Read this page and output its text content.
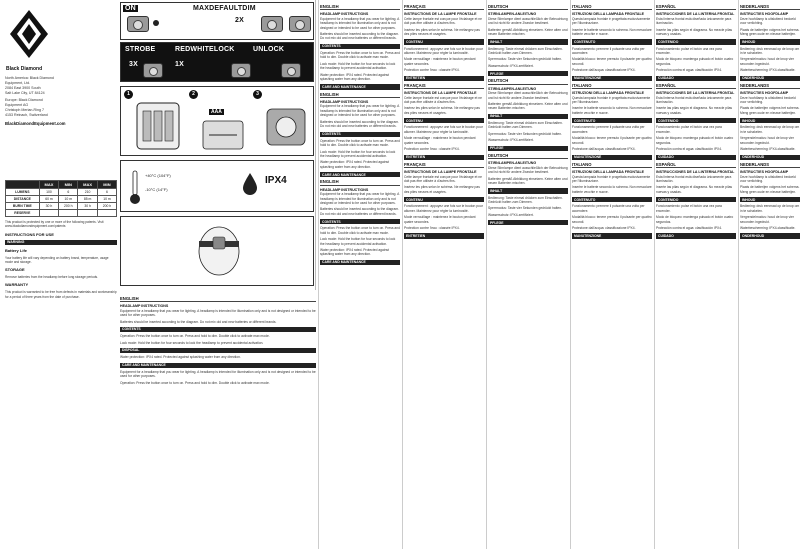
Black Diamond
North America: Black Diamond Equipment, Ltd.
2084 East 3900 South
Salt Lake City, UT 84124
Europe: Black Diamond Equipment AG
Christoph Merian-Ring 7
4153 Reinach, Switzerland
BlackDiamondEquipment.com
	MAX	MIN	MAX	MIN
LUMENS	100	6	210	6
DISTANCE	60 m	10 m	85 m	10 m
BURN TIME	30 h	200 h	30 h	200 h
RESERVE				
This product is protected by one or more of the following patents. Visit www.blackdiamondequipment.com/patents
INSTRUCTIONS FOR USE
WARNING
Battery Life
Your battery life will vary depending on battery brand, temperature, usage mode and storage.
STORAGE
Remove batteries from the headlamp before long storage periods.
WARRANTY
This product is warranted to be free from defects in materials and workmanship for a period of three years from the date of purchase.
ON	MAXDEFAULTDIM
2X
STROBE	REDWHITELOCK	UNLOCK
3X	1X
1	2	3
AAA
+40°C (104°F)
-10°C (14°F)
IPX4
ENGLISH
HEADLAMP INSTRUCTIONS

Equipment for a headlamp that you wear for lighting. A headlamp is intended for illumination only and is not designed or intended to be used for other purposes.

Batteries should be inserted according to the diagram. Do not mix old and new batteries or different brands.

CONTENTS

Operation: Press the button once to turn on. Press and hold to dim. Double click to activate max mode.

Lock mode: Hold the button for four seconds to lock the headlamp to prevent accidental activation.

Water protection: IPX4 rated. Protected against splashing water from any direction.

CARE AND MAINTENANCE
ENGLISH
HEADLAMP INSTRUCTIONS

Equipment for a headlamp that you wear for lighting. A headlamp is intended for illumination only and is not designed or intended to be used for other purposes.

Batteries should be inserted according to the diagram. Do not mix old and new batteries or different brands.

CONTENTS

Operation: Press the button once to turn on. Press and hold to dim. Double click to activate max mode.

Lock mode: Hold the button for four seconds to lock the headlamp to prevent accidental activation.

Water protection: IPX4 rated. Protected against splashing water from any direction.

CARE AND MAINTENANCE
ENGLISH
HEADLAMP INSTRUCTIONS

Equipment for a headlamp that you wear for lighting. A headlamp is intended for illumination only and is not designed or intended to be used for other purposes.

Batteries should be inserted according to the diagram. Do not mix old and new batteries or different brands.

CONTENTS

Operation: Press the button once to turn on. Press and hold to dim. Double click to activate max mode.

Lock mode: Hold the button for four seconds to lock the headlamp to prevent accidental activation.

Water protection: IPX4 rated. Protected against splashing water from any direction.

CARE AND MAINTENANCE
FRANÇAIS
INSTRUCTIONS DE LA LAMPE FRONTALE

Cette lampe frontale est conçue pour l'éclairage et ne doit pas être utilisée à d'autres fins.

Insérez les piles selon le schéma. Ne mélangez pas des piles neuves et usagées.

CONTENU

Fonctionnement : appuyez une fois sur le bouton pour allumer. Maintenez pour régler la luminosité.

Mode verrouillage : maintenez le bouton pendant quatre secondes.

Protection contre l'eau : classée IPX4.

ENTRETIEN
FRANÇAIS
INSTRUCTIONS DE LA LAMPE FRONTALE

Cette lampe frontale est conçue pour l'éclairage et ne doit pas être utilisée à d'autres fins.

Insérez les piles selon le schéma. Ne mélangez pas des piles neuves et usagées.

CONTENU

Fonctionnement : appuyez une fois sur le bouton pour allumer. Maintenez pour régler la luminosité.

Mode verrouillage : maintenez le bouton pendant quatre secondes.

Protection contre l'eau : classée IPX4.

ENTRETIEN
FRANÇAIS
INSTRUCTIONS DE LA LAMPE FRONTALE

Cette lampe frontale est conçue pour l'éclairage et ne doit pas être utilisée à d'autres fins.

Insérez les piles selon le schéma. Ne mélangez pas des piles neuves et usagées.

CONTENU

Fonctionnement : appuyez une fois sur le bouton pour allumer. Maintenez pour régler la luminosité.

Mode verrouillage : maintenez le bouton pendant quatre secondes.

Protection contre l'eau : classée IPX4.

ENTRETIEN
DEUTSCH
STIRNLAMPEN-ANLEITUNG

Diese Stirnlampe dient ausschließlich der Beleuchtung und ist nicht für andere Zwecke bestimmt.

Batterien gemäß Abbildung einsetzen. Keine alten und neuen Batterien mischen.

INHALT

Bedienung: Taste einmal drücken zum Einschalten. Gedrückt halten zum Dimmen.

Sperrmodus: Taste vier Sekunden gedrückt halten.

Wasserschutz: IPX4-zertifiziert.

PFLEGE
DEUTSCH
STIRNLAMPEN-ANLEITUNG

Diese Stirnlampe dient ausschließlich der Beleuchtung und ist nicht für andere Zwecke bestimmt.

Batterien gemäß Abbildung einsetzen. Keine alten und neuen Batterien mischen.

INHALT

Bedienung: Taste einmal drücken zum Einschalten. Gedrückt halten zum Dimmen.

Sperrmodus: Taste vier Sekunden gedrückt halten.

Wasserschutz: IPX4-zertifiziert.

PFLEGE
DEUTSCH
STIRNLAMPEN-ANLEITUNG

Diese Stirnlampe dient ausschließlich der Beleuchtung und ist nicht für andere Zwecke bestimmt.

Batterien gemäß Abbildung einsetzen. Keine alten und neuen Batterien mischen.

INHALT

Bedienung: Taste einmal drücken zum Einschalten. Gedrückt halten zum Dimmen.

Sperrmodus: Taste vier Sekunden gedrückt halten.

Wasserschutz: IPX4-zertifiziert.

PFLEGE
ITALIANO
ISTRUZIONI DELLA LAMPADA FRONTALE

Questa lampada frontale è progettata esclusivamente per l'illuminazione.

Inserire le batterie secondo lo schema. Non mescolare batterie vecchie e nuove.

CONTENUTO

Funzionamento: premere il pulsante una volta per accendere.

Modalità blocco: tenere premuto il pulsante per quattro secondi.

Protezione dall'acqua: classificazione IPX4.

MANUTENZIONE
ITALIANO
ISTRUZIONI DELLA LAMPADA FRONTALE

Questa lampada frontale è progettata esclusivamente per l'illuminazione.

Inserire le batterie secondo lo schema. Non mescolare batterie vecchie e nuove.

CONTENUTO

Funzionamento: premere il pulsante una volta per accendere.

Modalità blocco: tenere premuto il pulsante per quattro secondi.

Protezione dall'acqua: classificazione IPX4.

MANUTENZIONE
ITALIANO
ISTRUZIONI DELLA LAMPADA FRONTALE

Questa lampada frontale è progettata esclusivamente per l'illuminazione.

Inserire le batterie secondo lo schema. Non mescolare batterie vecchie e nuove.

CONTENUTO

Funzionamento: premere il pulsante una volta per accendere.

Modalità blocco: tenere premuto il pulsante per quattro secondi.

Protezione dall'acqua: classificazione IPX4.

MANUTENZIONE
ESPAÑOL
INSTRUCCIONES DE LA LINTERNA FRONTAL

Esta linterna frontal está diseñada únicamente para iluminación.

Inserte las pilas según el diagrama. No mezcle pilas nuevas y usadas.

CONTENIDO

Funcionamiento: pulse el botón una vez para encender.

Modo de bloqueo: mantenga pulsado el botón cuatro segundos.

Protección contra el agua: clasificación IPX4.

CUIDADO
ESPAÑOL
INSTRUCCIONES DE LA LINTERNA FRONTAL

Esta linterna frontal está diseñada únicamente para iluminación.

Inserte las pilas según el diagrama. No mezcle pilas nuevas y usadas.

CONTENIDO

Funcionamiento: pulse el botón una vez para encender.

Modo de bloqueo: mantenga pulsado el botón cuatro segundos.

Protección contra el agua: clasificación IPX4.

CUIDADO
ESPAÑOL
INSTRUCCIONES DE LA LINTERNA FRONTAL

Esta linterna frontal está diseñada únicamente para iluminación.

Inserte las pilas según el diagrama. No mezcle pilas nuevas y usadas.

CONTENIDO

Funcionamiento: pulse el botón una vez para encender.

Modo de bloqueo: mantenga pulsado el botón cuatro segundos.

Protección contra el agua: clasificación IPX4.

CUIDADO
NEDERLANDS
INSTRUCTIES HOOFDLAMP

Deze hoofdlamp is uitsluitend bedoeld voor verlichting.

Plaats de batterijen volgens het schema. Meng geen oude en nieuwe batterijen.

INHOUD

Bediening: druk eenmaal op de knop om in te schakelen.

Vergrendelmodus: houd de knop vier seconden ingedrukt.

Waterbescherming: IPX4-classificatie.

ONDERHOUD
NEDERLANDS
INSTRUCTIES HOOFDLAMP

Deze hoofdlamp is uitsluitend bedoeld voor verlichting.

Plaats de batterijen volgens het schema. Meng geen oude en nieuwe batterijen.

INHOUD

Bediening: druk eenmaal op de knop om in te schakelen.

Vergrendelmodus: houd de knop vier seconden ingedrukt.

Waterbescherming: IPX4-classificatie.

ONDERHOUD
NEDERLANDS
INSTRUCTIES HOOFDLAMP

Deze hoofdlamp is uitsluitend bedoeld voor verlichting.

Plaats de batterijen volgens het schema. Meng geen oude en nieuwe batterijen.

INHOUD

Bediening: druk eenmaal op de knop om in te schakelen.

Vergrendelmodus: houd de knop vier seconden ingedrukt.

Waterbescherming: IPX4-classificatie.

ONDERHOUD
ENGLISH
HEADLAMP INSTRUCTIONS

Equipment for a headlamp that you wear for lighting. A headlamp is intended for illumination only and is not designed or intended to be used for other purposes.

Batteries should be inserted according to the diagram. Do not mix old and new batteries or different brands.

CONTENTS

Operation: Press the button once to turn on. Press and hold to dim. Double click to activate max mode.

Lock mode: Hold the button for four seconds to lock the headlamp to prevent accidental activation.

DISPOSAL

Water protection: IPX4 rated. Protected against splashing water from any direction.

CARE AND MAINTENANCE

Equipment for a headlamp that you wear for lighting. A headlamp is intended for illumination only and is not designed or intended to be used for other purposes.

Operation: Press the button once to turn on. Press and hold to dim. Double click to activate max mode.
